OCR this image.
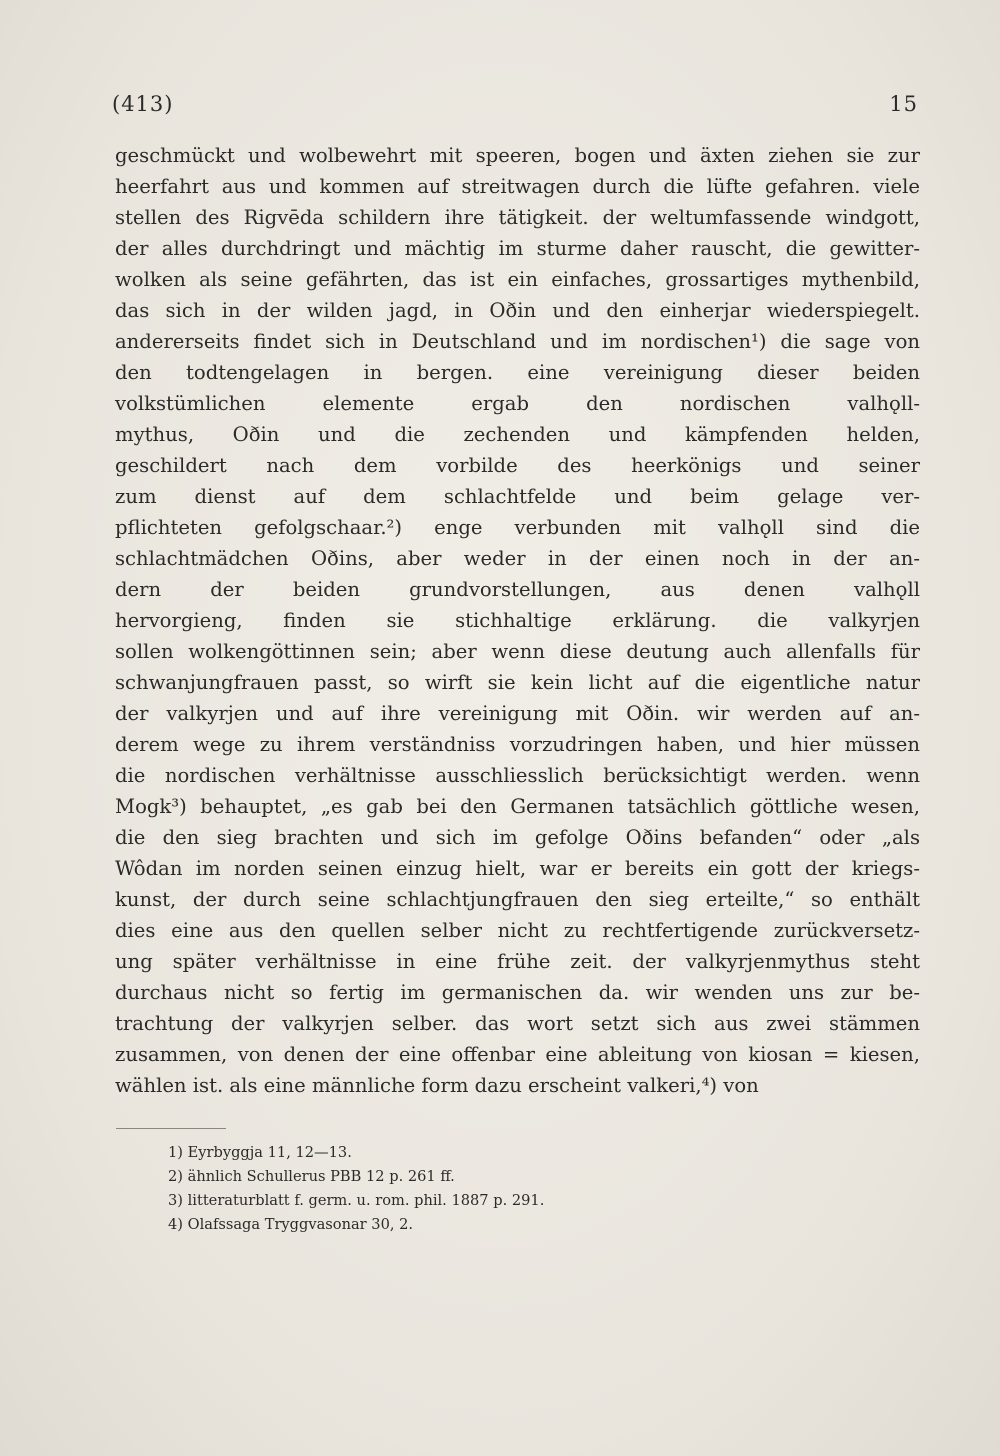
(413)	15
geschmückt und wolbewehrt mit speeren, bogen und äxten ziehen sie zur
heerfahrt aus und kommen auf streitwagen durch die lüfte gefahren. viele
stellen des Rigvēda schildern ihre tätigkeit. der weltumfassende windgott,
der alles durchdringt und mächtig im sturme daher rauscht, die gewitter-
wolken als seine gefährten, das ist ein einfaches, grossartiges mythenbild,
das sich in der wilden jagd, in Oðin und den einherjar wiederspiegelt.
andererseits findet sich in Deutschland und im nordischen¹) die sage von
den todtengelagen in bergen. eine vereinigung dieser beiden
volkstümlichen elemente ergab den nordischen valhǫll-
mythus, Oðin und die zechenden und kämpfenden helden,
geschildert nach dem vorbilde des heerkönigs und seiner
zum dienst auf dem schlachtfelde und beim gelage ver-
pflichteten gefolgschaar.²) enge verbunden mit valhǫll sind die
schlachtmädchen Oðins, aber weder in der einen noch in der an-
dern der beiden grundvorstellungen, aus denen valhǫll
hervorgieng, finden sie stichhaltige erklärung. die valkyrjen
sollen wolkengöttinnen sein; aber wenn diese deutung auch allenfalls für
schwanjungfrauen passt, so wirft sie kein licht auf die eigentliche natur
der valkyrjen und auf ihre vereinigung mit Oðin. wir werden auf an-
derem wege zu ihrem verständniss vorzudringen haben, und hier müssen
die nordischen verhältnisse ausschliesslich berücksichtigt werden. wenn
Mogk³) behauptet, „es gab bei den Germanen tatsächlich göttliche wesen,
die den sieg brachten und sich im gefolge Oðins befanden“ oder „als
Wôdan im norden seinen einzug hielt, war er bereits ein gott der kriegs-
kunst, der durch seine schlachtjungfrauen den sieg erteilte,“ so enthält
dies eine aus den quellen selber nicht zu rechtfertigende zurückversetz-
ung später verhältnisse in eine frühe zeit. der valkyrjenmythus steht
durchaus nicht so fertig im germanischen da. wir wenden uns zur be-
trachtung der valkyrjen selber. das wort setzt sich aus zwei stämmen
zusammen, von denen der eine offenbar eine ableitung von kiosan = kiesen,
wählen ist. als eine männliche form dazu erscheint valkeri,⁴) von
1) Eyrbyggja 11, 12—13.
2) ähnlich Schullerus PBB 12 p. 261 ff.
3) litteraturblatt f. germ. u. rom. phil. 1887 p. 291.
4) Olafssaga Tryggvasonar 30, 2.
